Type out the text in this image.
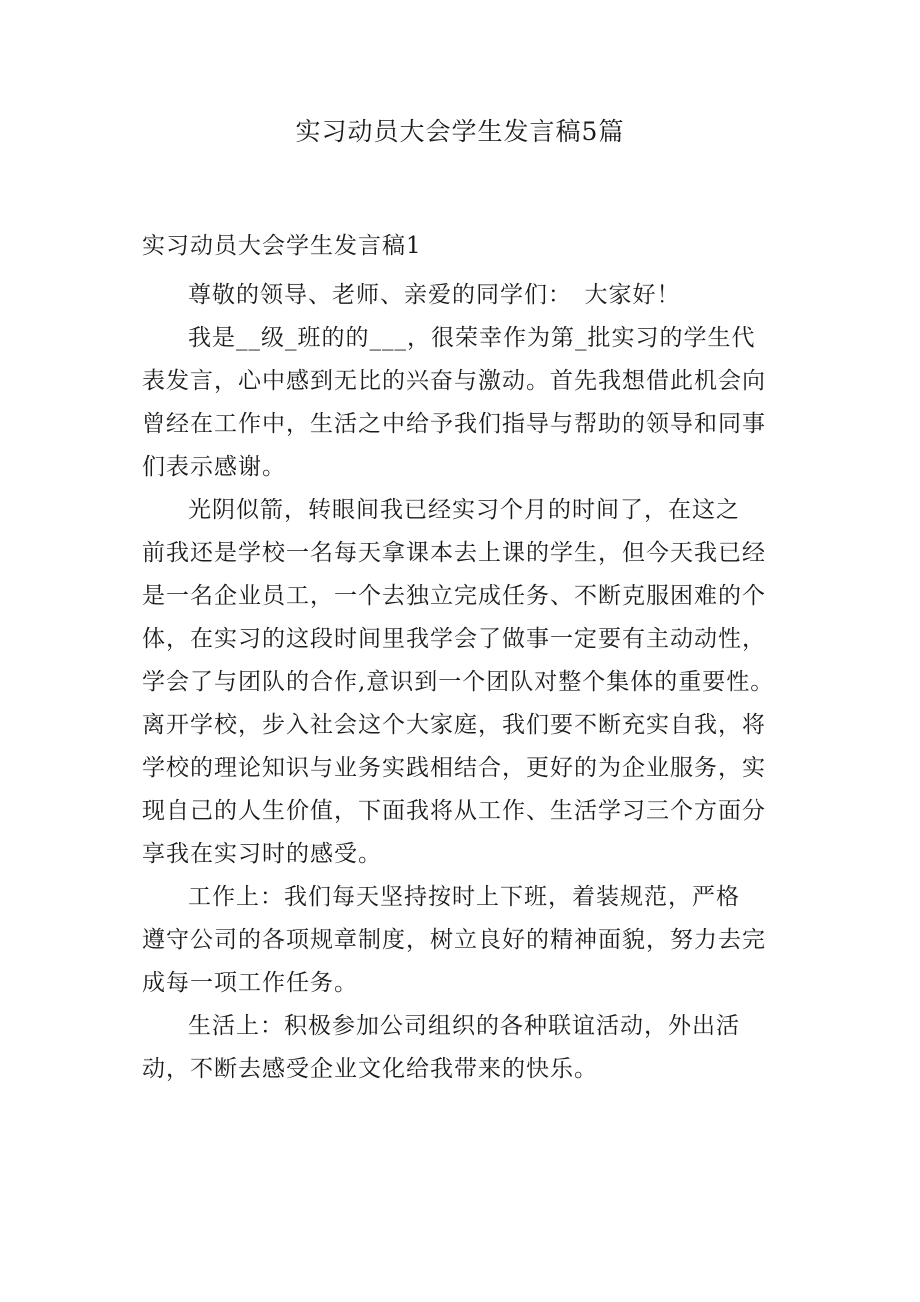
实习动员大会学生发言稿5篇
实习动员大会学生发言稿1

尊敬的领导、老师、亲爱的同学们：　大家好！

我是__级_班的的___，很荣幸作为第_批实习的学生代
表发言，心中感到无比的兴奋与激动。首先我想借此机会向
曾经在工作中，生活之中给予我们指导与帮助的领导和同事
们表示感谢。

光阴似箭，转眼间我已经实习个月的时间了，在这之
前我还是学校一名每天拿课本去上课的学生，但今天我已经
是一名企业员工，一个去独立完成任务、不断克服困难的个
体，在实习的这段时间里我学会了做事一定要有主动动性，
学会了与团队的合作,意识到一个团队对整个集体的重要性。
离开学校，步入社会这个大家庭，我们要不断充实自我，将
学校的理论知识与业务实践相结合，更好的为企业服务，实
现自己的人生价值，下面我将从工作、生活学习三个方面分
享我在实习时的感受。

工作上：我们每天坚持按时上下班，着装规范，严格
遵守公司的各项规章制度，树立良好的精神面貌，努力去完
成每一项工作任务。

生活上：积极参加公司组织的各种联谊活动，外出活
动，不断去感受企业文化给我带来的快乐。
